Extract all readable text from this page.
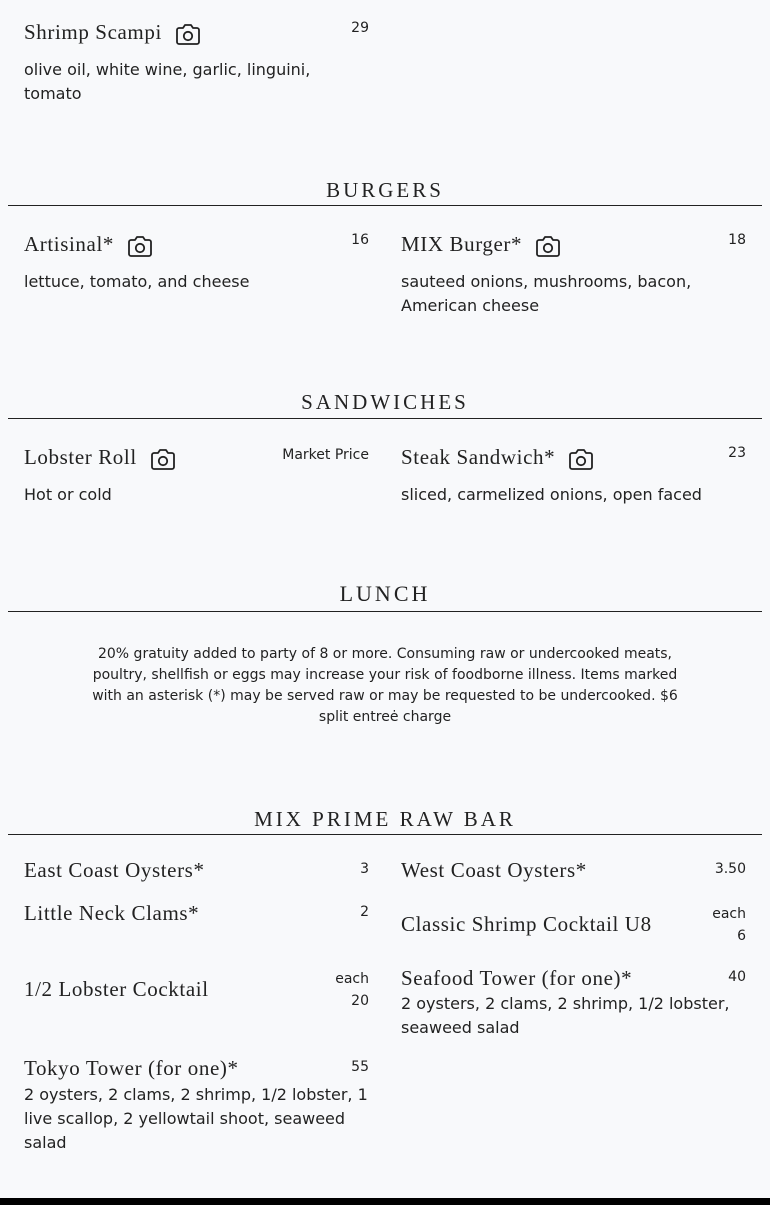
Shrimp Scampi	29
olive oil, white wine, garlic, linguini, tomato
BURGERS
Artisinal*	16
lettuce, tomato, and cheese
MIX Burger*	18
sauteed onions, mushrooms, bacon, American cheese
SANDWICHES
Lobster Roll	Market Price
Hot or cold
Steak Sandwich*	23
sliced, carmelized onions, open faced
LUNCH
20% gratuity added to party of 8 or more. Consuming raw or undercooked meats, poultry, shellfish or eggs may increase your risk of foodborne illness. Items marked with an asterisk (*) may be served raw or may be requested to be undercooked. $6 split entreė charge
MIX PRIME RAW BAR
East Coast Oysters*	3 West Coast Oysters*	3.50
Little Neck Clams*	2 Classic Shrimp Cocktail U8	each
6
1/2 Lobster Cocktail	each
20
Seafood Tower (for one)*	40
2 oysters, 2 clams, 2 shrimp, 1/2 lobster, seaweed salad
Tokyo Tower (for one)*	55
2 oysters, 2 clams, 2 shrimp, 1/2 lobster, 1 live scallop, 2 yellowtail shoot, seaweed salad
